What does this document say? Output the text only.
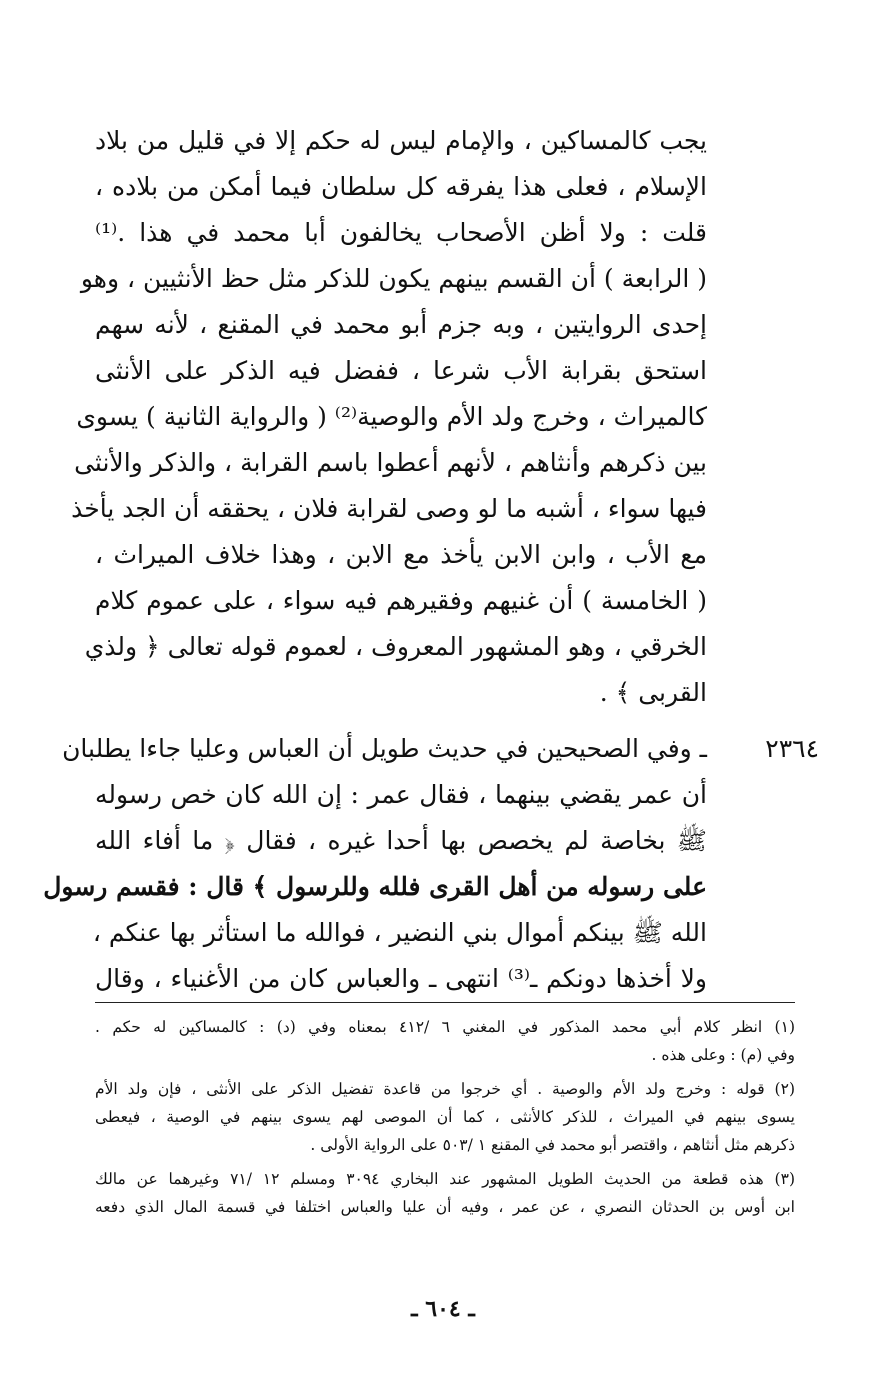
يجب كالمساكين ، والإمام ليس له حكم إلا في قليل من بلاد
الإسلام ، فعلى هذا يفرقه كل سلطان فيما أمكن من بلاده ،
قلت : ولا أظن الأصحاب يخالفون أبا محمد في هذا .⁽¹⁾
( الرابعة ) أن القسم بينهم يكون للذكر مثل حظ الأنثيين ، وهو
إحدى الروايتين ، وبه جزم أبو محمد في المقنع ، لأنه سهم
استحق بقرابة الأب شرعا ، ففضل فيه الذكر على الأنثى
كالميراث ، وخرج ولد الأم والوصية⁽²⁾ ( والرواية الثانية ) يسوى
بين ذكرهم وأنثاهم ، لأنهم أعطوا باسم القرابة ، والذكر والأنثى
فيها سواء ، أشبه ما لو وصى لقرابة فلان ، يحققه أن الجد يأخذ
مع الأب ، وابن الابن يأخذ مع الابن ، وهذا خلاف الميراث ،
( الخامسة ) أن غنيهم وفقيرهم فيه سواء ، على عموم كلام
الخرقي ، وهو المشهور المعروف ، لعموم قوله تعالى ﴿ ولذي
القربى ﴾ .
٢٣٦٤
ـ وفي الصحيحين في حديث طويل أن العباس وعليا جاءا يطلبان
أن عمر يقضي بينهما ، فقال عمر : إن الله كان خص رسوله
ﷺ بخاصة لم يخصص بها أحدا غيره ، فقال ﴿ ما أفاء الله
على رسوله من أهل القرى فلله وللرسول ﴾ قال : فقسم رسول
الله ﷺ بينكم أموال بني النضير ، فوالله ما استأثر بها عنكم ،
ولا أخذها دونكم ـ⁽³⁾ انتهى ـ والعباس كان من الأغنياء ، وقال
(١) انظر كلام أبي محمد المذكور في المغني ٦ /٤١٢ بمعناه وفي (د) : كالمساكين له حكم .
وفي (م) : وعلى هذه .
(٢) قوله : وخرج ولد الأم والوصية . أي خرجوا من قاعدة تفضيل الذكر على الأنثى ، فإن ولد الأم
يسوى بينهم في الميراث ، للذكر كالأنثى ، كما أن الموصى لهم يسوى بينهم في الوصية ، فيعطى
ذكرهم مثل أنثاهم ، واقتصر أبو محمد في المقنع ١ /٥٠٣ على الرواية الأولى .
(٣) هذه قطعة من الحديث الطويل المشهور عند البخاري ٣٠٩٤ ومسلم ١٢ /٧١ وغيرهما عن مالك
ابن أوس بن الحدثان النصري ، عن عمر ، وفيه أن عليا والعباس اختلفا في قسمة المال الذي دفعه
ـ ٦٠٤ ـ
